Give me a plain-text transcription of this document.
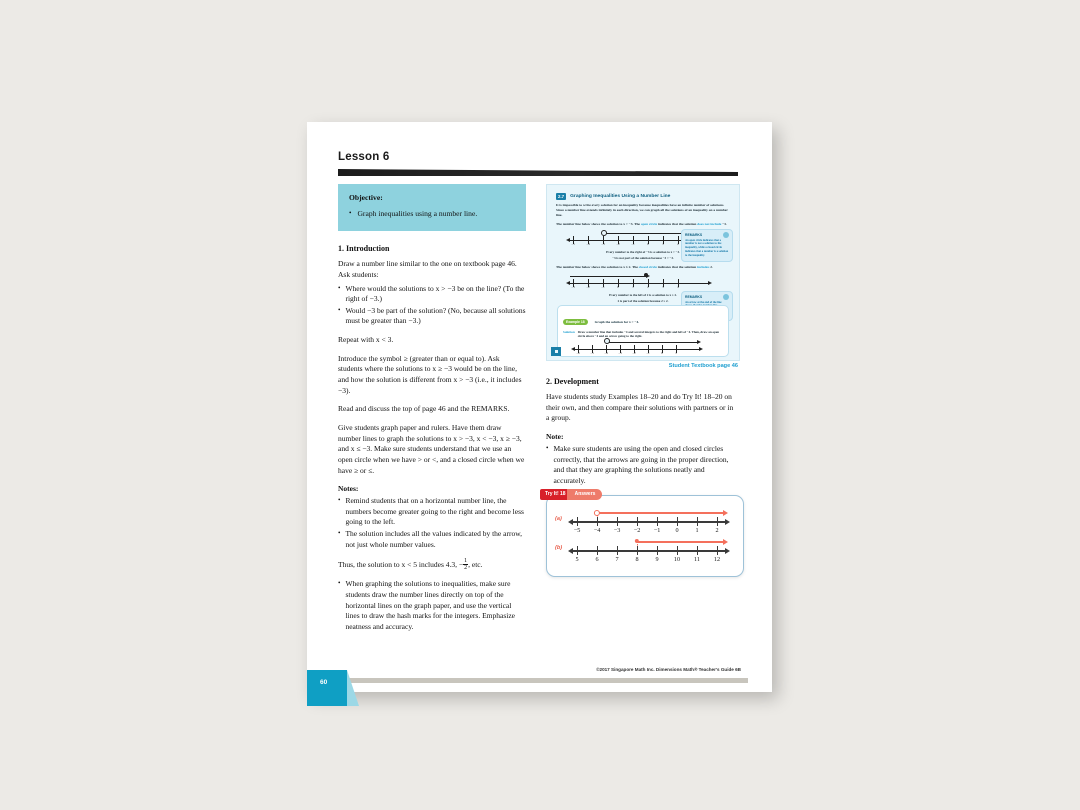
Lesson 6
Objective:
• Graph inequalities using a number line.
1. Introduction

Draw a number line similar to the one on textbook page 46. Ask students:

• Where would the solutions to x > −3 be on the line? (To the right of −3.)
• Would −3 be part of the solution? (No, because all solutions must be greater than −3.)

Repeat with x < 3.

Introduce the symbol ≥ (greater than or equal to). Ask students where the solutions to x ≥ −3 would be on the line, and how the solution is different from x > −3 (i.e., it includes −3).

Read and discuss the top of page 46 and the REMARKS.

Give students graph paper and rulers. Have them draw number lines to graph the solutions to x > −3, x < −3, x ≥ −3, and x ≤ −3. Make sure students understand that we use an open circle when we have > or <, and a closed circle when we have ≥ or ≤.

Notes:
• Remind students that on a horizontal number line, the numbers become greater going to the right and become less going to the left.
• The solution includes all the values indicated by the arrow, not just whole number values.

Thus, the solution to x < 5 includes 4.3, − $\frac{1}{2}$ , etc.

• When graphing the solutions to inequalities, make sure students draw the number lines directly on top of the horizontal lines on the graph paper, and use the vertical lines to draw the hash marks for the integers. Emphasize neatness and accuracy.
2.7	Graphing Inequalities Using a Number Line

It is impossible to write every solution for an inequality because inequalities have an infinite number of solutions. Since a number line extends infinitely in each direction, we can graph all the solutions of an inequality on a number line.

The number line below shows the solution to x > −3. The open circle indicates that the solution does not include −3.

−5	−4	−3	−2	−1	0	1	2

Every number to the right of −3 is a solution to x > −3.

−3 is not part of the solution because −3 > −3.

The number line below shows the solution to x ≤ 2. The closed circle indicates that the solution includes 2.

−3	−2	−1	0	1	2	3	4

Every number to the left of 2 is a solution to x ≤ 2.

2 is part of the solution because 2 ≤ 2.

REMARKS
An open circle indicates that a number is not a solution to the inequality, while a closed circle indicates that a number is a solution to the inequality.
REMARKS
An arrow at the end of the line
Example 18	Graph the solution for x > −4.
Solution Draw a number line that includes −4 and several integers to the right and left of −4. Then, draw an open circle above −4 and an arrow going to the right.
−6	−5	−4	−3	−2	−1	0	1
Student Textbook page 46
2. Development

Have students study Examples 18–20 and do Try It! 18–20 on their own, and then compare their solutions with partners or in a group.

Note:
• Make sure students are using the open and closed circles correctly, that the arrows are going in the proper direction, and that they are graphing the solutions neatly and accurately.
Try It! 18	Answers
(a)
−5 −4 −3 −2 −1 0	1	2
(b)
5	6	7	8	9 10 11 12
©2017 Singapore Math Inc. Dimensions Math® Teacher's Guide 6B
60
